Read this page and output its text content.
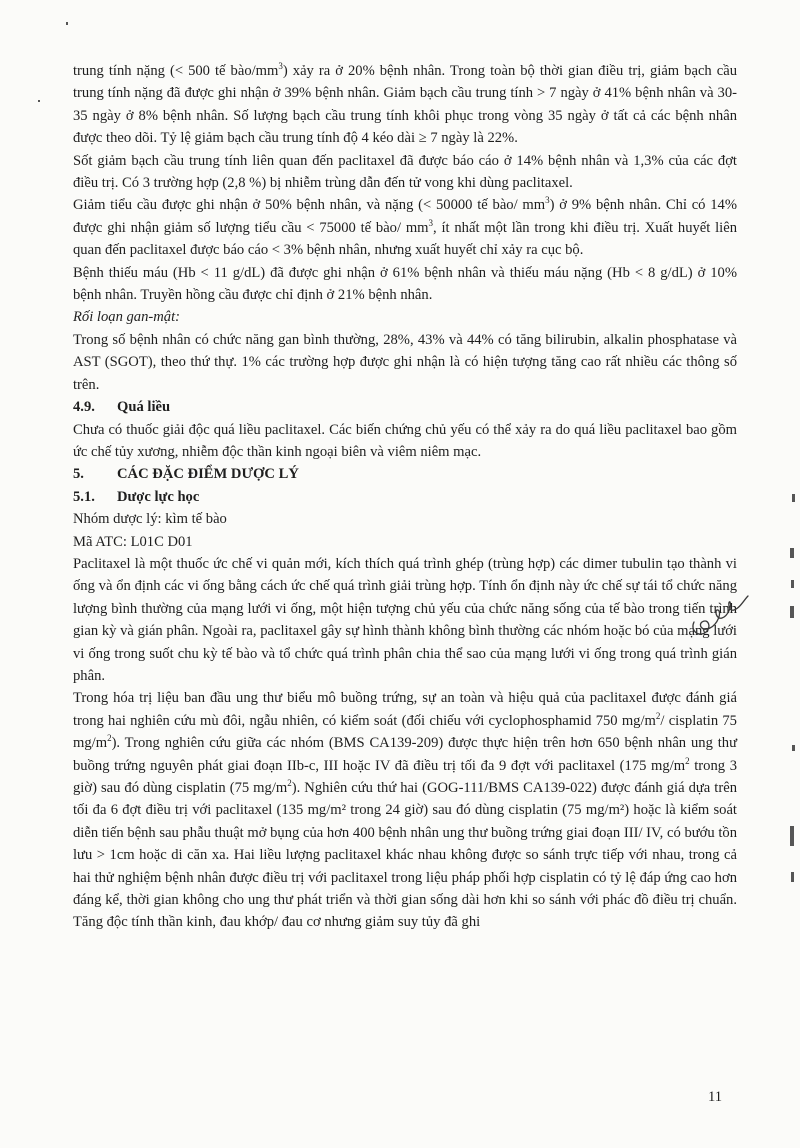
trung tính nặng (< 500 tế bào/$mm^3$) xảy ra ở 20% bệnh nhân. Trong toàn bộ thời gian điều trị, giảm bạch cầu trung tính nặng đã được ghi nhận ở 39% bệnh nhân. Giảm bạch cầu trung tính > 7 ngày ở 41% bệnh nhân và 30-35 ngày ở 8% bệnh nhân. Số lượng bạch cầu trung tính khôi phục trong vòng 35 ngày ở tất cả các bệnh nhân được theo dõi. Tỷ lệ giảm bạch cầu trung tính độ 4 kéo dài ≥ 7 ngày là 22%.

Sốt giảm bạch cầu trung tính liên quan đến paclitaxel đã được báo cáo ở 14% bệnh nhân và 1,3% của các đợt điều trị. Có 3 trường hợp (2,8 %) bị nhiễm trùng dẫn đến tử vong khi dùng paclitaxel.

Giảm tiểu cầu được ghi nhận ở 50% bệnh nhân, và nặng (< 50000 tế bào/ $mm^3$) ở 9% bệnh nhân. Chỉ có 14% được ghi nhận giảm số lượng tiểu cầu < 75000 tế bào/ $mm^3$, ít nhất một lần trong khi điều trị. Xuất huyết liên quan đến paclitaxel được báo cáo < 3% bệnh nhân, nhưng xuất huyết chỉ xảy ra cục bộ.

Bệnh thiếu máu (Hb < 11 g/dL) đã được ghi nhận ở 61% bệnh nhân và thiếu máu nặng (Hb < 8 g/dL) ở 10% bệnh nhân. Truyền hồng cầu được chỉ định ở 21% bệnh nhân.

Rối loạn gan-mật:

Trong số bệnh nhân có chức năng gan bình thường, 28%, 43% và 44% có tăng bilirubin, alkalin phosphatase và AST (SGOT), theo thứ thự. 1% các trường hợp được ghi nhận là có hiện tượng tăng cao rất nhiều các thông số trên.

4.9. Quá liều

Chưa có thuốc giải độc quá liều paclitaxel. Các biến chứng chủ yếu có thể xảy ra do quá liều paclitaxel bao gồm ức chế tủy xương, nhiễm độc thần kinh ngoại biên và viêm niêm mạc.

5. CÁC ĐẶC ĐIỂM DƯỢC LÝ

5.1. Dược lực học

Nhóm dược lý: kìm tế bào

Mã ATC: L01C D01

Paclitaxel là một thuốc ức chế vi quản mới, kích thích quá trình ghép (trùng hợp) các dimer tubulin tạo thành vi ống và ổn định các vi ống bằng cách ức chế quá trình giải trùng hợp. Tính ổn định này ức chế sự tái tổ chức năng lượng bình thường của mạng lưới vi ống, một hiện tượng chủ yếu của chức năng sống của tế bào trong tiến trình gian kỳ và gián phân. Ngoài ra, paclitaxel gây sự hình thành không bình thường các nhóm hoặc bó của mạng lưới vi ống trong suốt chu kỳ tế bào và tổ chức quá trình phân chia thể sao của mạng lưới vi ống trong quá trình gián phân.

Trong hóa trị liệu ban đầu ung thư biểu mô buồng trứng, sự an toàn và hiệu quả của paclitaxel được đánh giá trong hai nghiên cứu mù đôi, ngẫu nhiên, có kiểm soát (đối chiếu với cyclophosphamid 750 $mg/m^2/$ cisplatin 75 $mg/m^2$). Trong nghiên cứu giữa các nhóm (BMS CA139-209) được thực hiện trên hơn 650 bệnh nhân ung thư buồng trứng nguyên phát giai đoạn IIb-c, III hoặc IV đã điều trị tối đa 9 đợt với paclitaxel (175 $mg/m^2$ trong 3 giờ) sau đó dùng cisplatin (75 $mg/m^2$). Nghiên cứu thứ hai (GOG-111/BMS CA139-022) được đánh giá dựa trên tối đa 6 đợt điều trị với paclitaxel (135 mg/m² trong 24 giờ) sau đó dùng cisplatin (75 mg/m²) hoặc là kiểm soát diễn tiến bệnh sau phẫu thuật mở bụng của hơn 400 bệnh nhân ung thư buồng trứng giai đoạn III/ IV, có bướu tồn lưu > 1cm hoặc di căn xa. Hai liều lượng paclitaxel khác nhau không được so sánh trực tiếp với nhau, trong cả hai thử nghiệm bệnh nhân được điều trị với paclitaxel trong liệu pháp phối hợp cisplatin có tỷ lệ đáp ứng cao hơn đáng kể, thời gian không cho ung thư phát triển và thời gian sống dài hơn khi so sánh với phác đồ điều trị chuẩn. Tăng độc tính thần kinh, đau khớp/ đau cơ nhưng giảm suy tủy đã ghi

11
